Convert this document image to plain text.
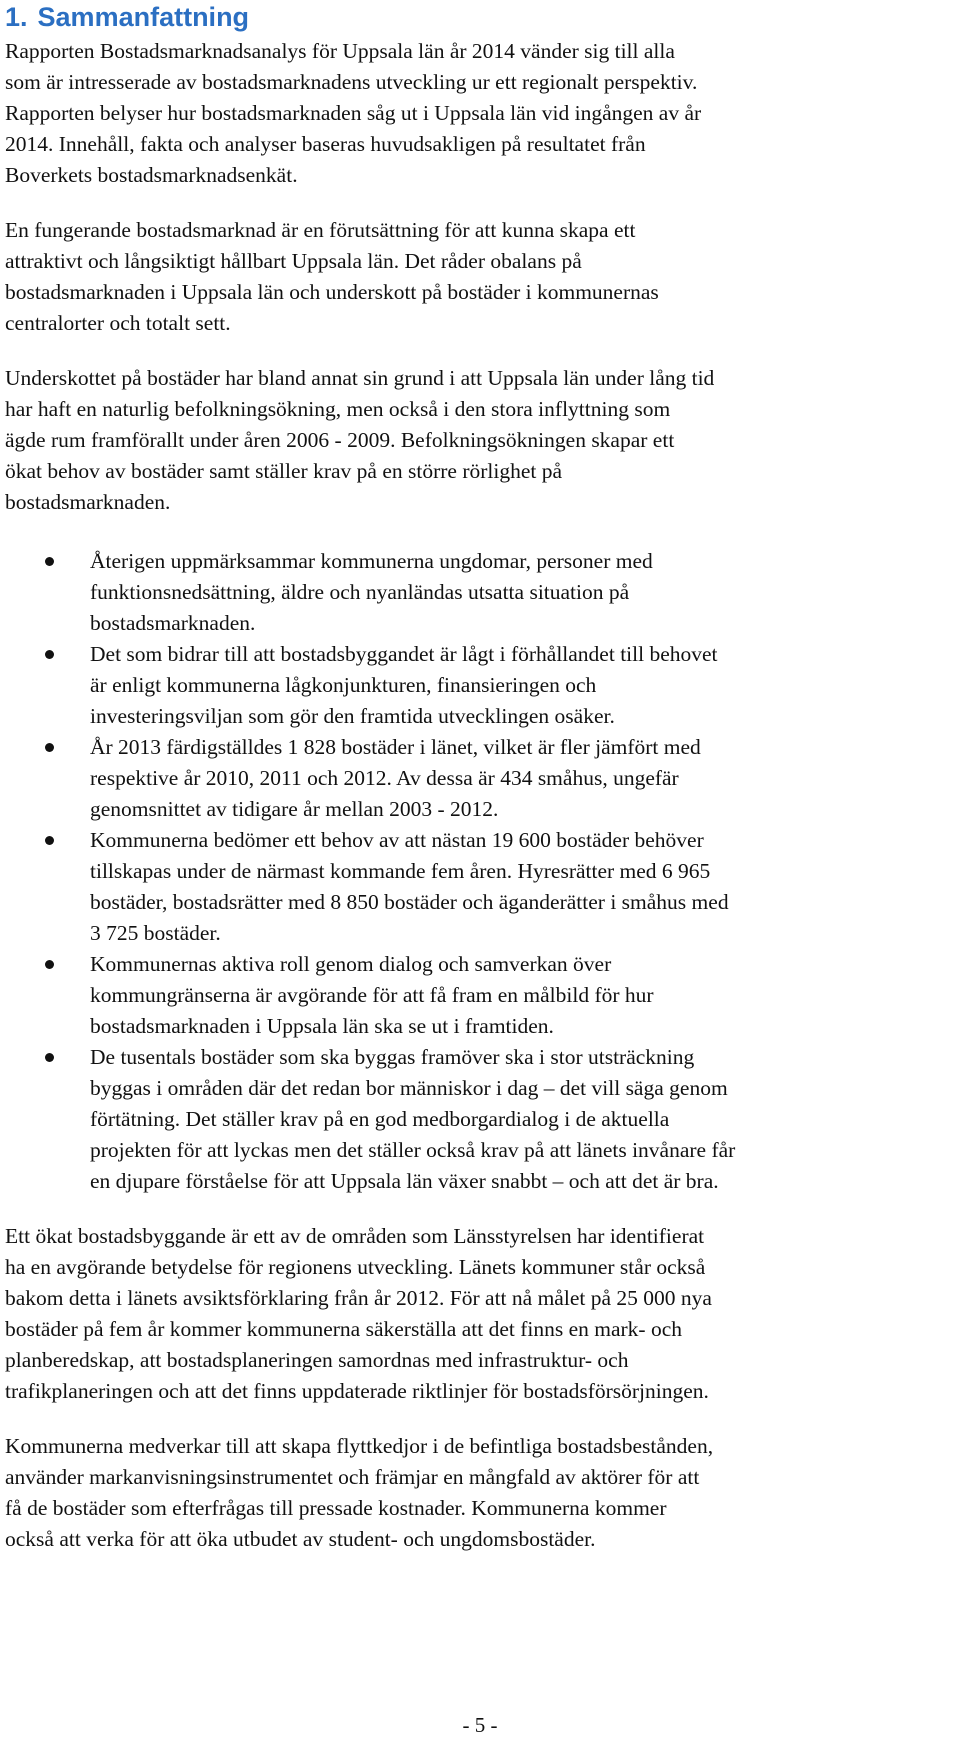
1. Sammanfattning

Rapporten Bostadsmarknadsanalys för Uppsala län år 2014 vänder sig till alla
som är intresserade av bostadsmarknadens utveckling ur ett regionalt perspektiv.
Rapporten belyser hur bostadsmarknaden såg ut i Uppsala län vid ingången av år
2014. Innehåll, fakta och analyser baseras huvudsakligen på resultatet från
Boverkets bostadsmarknadsenkät.

En fungerande bostadsmarknad är en förutsättning för att kunna skapa ett
attraktivt och långsiktigt hållbart Uppsala län. Det råder obalans på
bostadsmarknaden i Uppsala län och underskott på bostäder i kommunernas
centralorter och totalt sett.

Underskottet på bostäder har bland annat sin grund i att Uppsala län under lång tid
har haft en naturlig befolkningsökning, men också i den stora inflyttning som
ägde rum framförallt under åren 2006 - 2009. Befolkningsökningen skapar ett
ökat behov av bostäder samt ställer krav på en större rörlighet på
bostadsmarknaden.

Återigen uppmärksammar kommunerna ungdomar, personer med
funktionsnedsättning, äldre och nyanländas utsatta situation på
bostadsmarknaden.
Det som bidrar till att bostadsbyggandet är lågt i förhållandet till behovet
är enligt kommunerna lågkonjunkturen, finansieringen och
investeringsviljan som gör den framtida utvecklingen osäker.
År 2013 färdigställdes 1 828 bostäder i länet, vilket är fler jämfört med
respektive år 2010, 2011 och 2012. Av dessa är 434 småhus, ungefär
genomsnittet av tidigare år mellan 2003 - 2012.
Kommunerna bedömer ett behov av att nästan 19 600 bostäder behöver
tillskapas under de närmast kommande fem åren. Hyresrätter med 6 965
bostäder, bostadsrätter med 8 850 bostäder och äganderätter i småhus med
3 725 bostäder.
Kommunernas aktiva roll genom dialog och samverkan över
kommungränserna är avgörande för att få fram en målbild för hur
bostadsmarknaden i Uppsala län ska se ut i framtiden.
De tusentals bostäder som ska byggas framöver ska i stor utsträckning
byggas i områden där det redan bor människor i dag – det vill säga genom
förtätning. Det ställer krav på en god medborgardialog i de aktuella
projekten för att lyckas men det ställer också krav på att länets invånare får
en djupare förståelse för att Uppsala län växer snabbt – och att det är bra.

Ett ökat bostadsbyggande är ett av de områden som Länsstyrelsen har identifierat
ha en avgörande betydelse för regionens utveckling. Länets kommuner står också
bakom detta i länets avsiktsförklaring från år 2012. För att nå målet på 25 000 nya
bostäder på fem år kommer kommunerna säkerställa att det finns en mark- och
planberedskap, att bostadsplaneringen samordnas med infrastruktur- och
trafikplaneringen och att det finns uppdaterade riktlinjer för bostadsförsörjningen.

Kommunerna medverkar till att skapa flyttkedjor i de befintliga bostadsbestånden,
använder markanvisningsinstrumentet och främjar en mångfald av aktörer för att
få de bostäder som efterfrågas till pressade kostnader. Kommunerna kommer
också att verka för att öka utbudet av student- och ungdomsbostäder.

- 5 -
